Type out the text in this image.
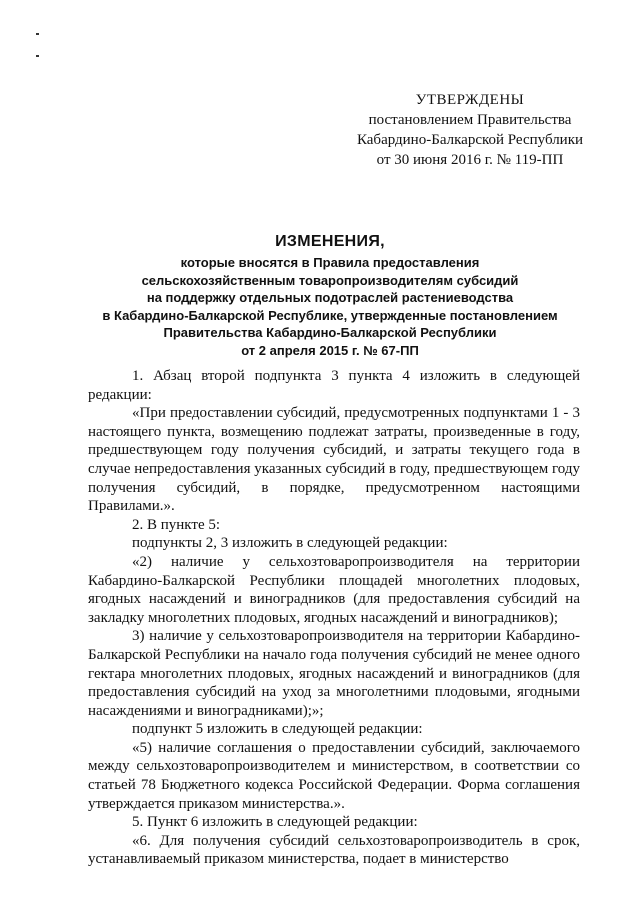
УТВЕРЖДЕНЫ
постановлением Правительства
Кабардино-Балкарской Республики
от 30 июня 2016 г. № 119-ПП
ИЗМЕНЕНИЯ,
которые вносятся в Правила предоставления
сельскохозяйственным товаропроизводителям субсидий
на поддержку отдельных подотраслей растениеводства
в Кабардино-Балкарской Республике, утвержденные постановлением
Правительства Кабардино-Балкарской Республики
от 2 апреля 2015 г. № 67-ПП

1. Абзац второй подпункта 3 пункта 4 изложить в следующей редакции:

«При предоставлении субсидий, предусмотренных подпунктами 1 - 3 настоящего пункта, возмещению подлежат затраты, произведенные в году, предшествующем году получения субсидий, и затраты текущего года в случае непредоставления указанных субсидий в году, предшествующем году получения субсидий, в порядке, предусмотренном настоящими Правилами.».

2. В пункте 5:

подпункты 2, 3 изложить в следующей редакции:

«2) наличие у сельхозтоваропроизводителя на территории Кабардино-Балкарской Республики площадей многолетних плодовых, ягодных насаждений и виноградников (для предоставления субсидий на закладку многолетних плодовых, ягодных насаждений и виноградников);

3) наличие у сельхозтоваропроизводителя на территории Кабардино-Балкарской Республики на начало года получения субсидий не менее одного гектара многолетних плодовых, ягодных насаждений и виноградников (для предоставления субсидий на уход за многолетними плодовыми, ягодными насаждениями и виноградниками);»;

подпункт 5 изложить в следующей редакции:

«5) наличие соглашения о предоставлении субсидий, заключаемого между сельхозтоваропроизводителем и министерством, в соответствии со статьей 78 Бюджетного кодекса Российской Федерации. Форма соглашения утверждается приказом министерства.».

5. Пункт 6 изложить в следующей редакции:

«6. Для получения субсидий сельхозтоваропроизводитель в срок, устанавливаемый приказом министерства, подает в министерство
